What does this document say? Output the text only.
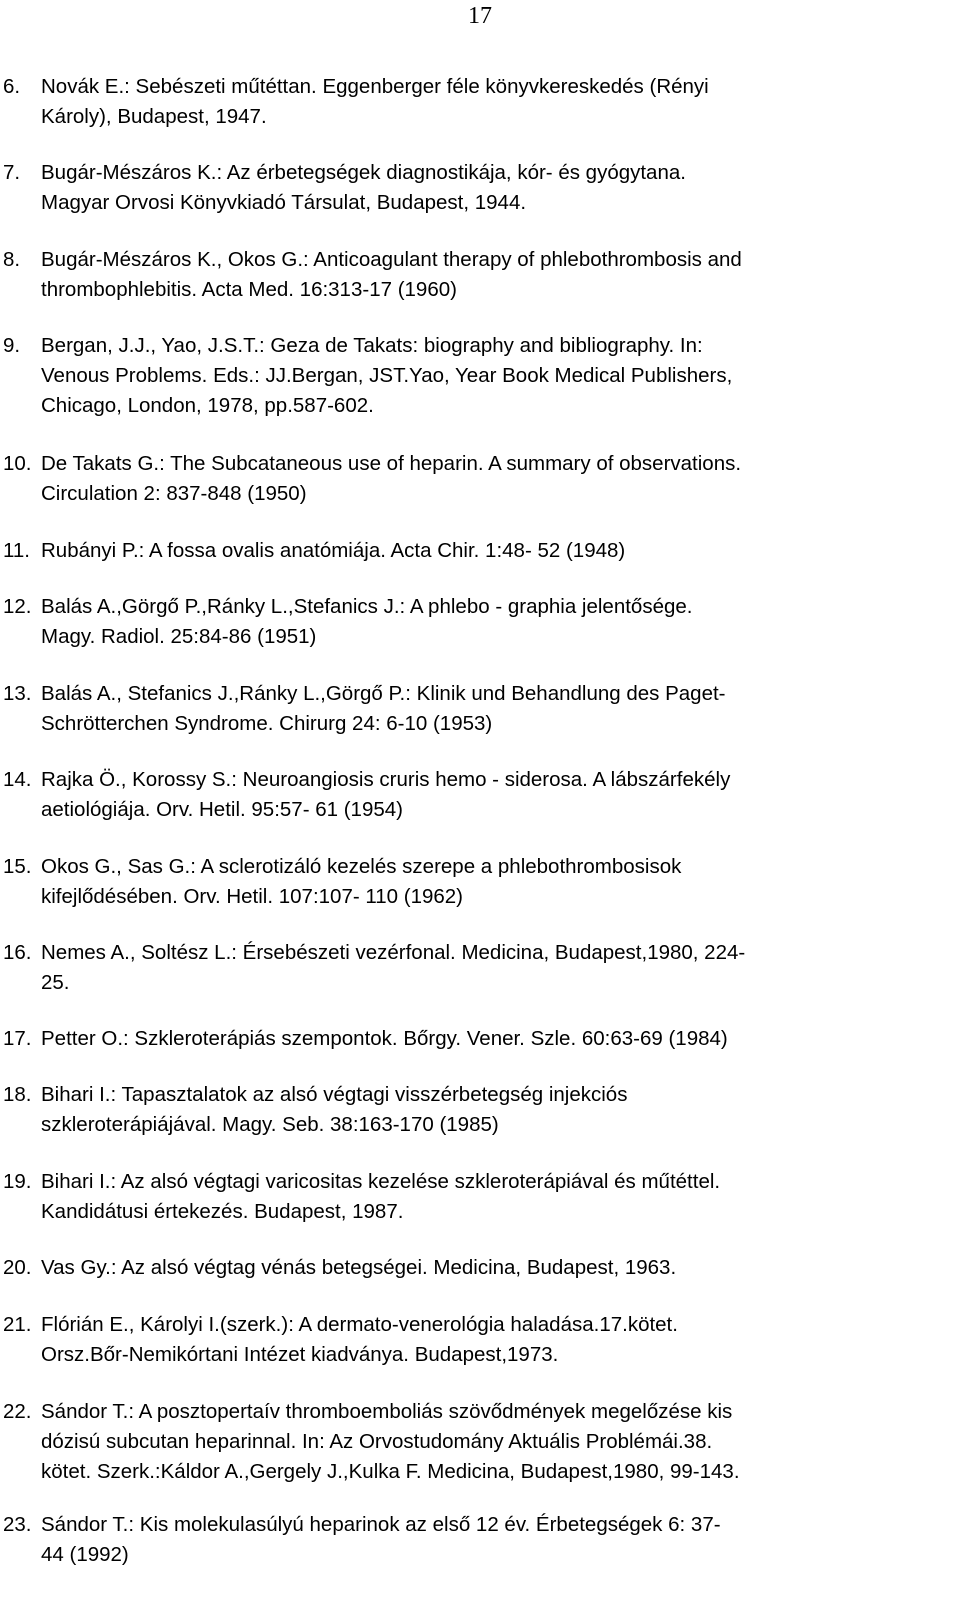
17
6. Novák E.: Sebészeti műtéttan. Eggenberger féle könyvkereskedés (Rényi
Károly), Budapest, 1947.
7. Bugár-Mészáros K.: Az érbetegségek diagnostikája, kór- és gyógytana.
Magyar Orvosi Könyvkiadó Társulat, Budapest, 1944.
8. Bugár-Mészáros K., Okos G.: Anticoagulant therapy of phlebothrombosis and
thrombophlebitis. Acta Med. 16:313-17 (1960)
9. Bergan, J.J., Yao, J.S.T.: Geza de Takats: biography and bibliography. In:
Venous Problems. Eds.: JJ.Bergan, JST.Yao, Year Book Medical Publishers,
Chicago, London, 1978, pp.587-602.
10. De Takats G.: The Subcataneous use of heparin. A summary of observations.
Circulation 2: 837-848 (1950)
11. Rubányi P.: A fossa ovalis anatómiája. Acta Chir. 1:48- 52 (1948)
12. Balás A.,Görgő P.,Ránky L.,Stefanics J.: A phlebo - graphia jelentősége.
Magy. Radiol. 25:84-86 (1951)
13. Balás A., Stefanics J.,Ránky L.,Görgő P.: Klinik und Behandlung des Paget-
Schrötterchen Syndrome. Chirurg 24: 6-10 (1953)
14. Rajka Ö., Korossy S.: Neuroangiosis cruris hemo - siderosa. A lábszárfekély
aetiológiája. Orv. Hetil. 95:57- 61 (1954)
15. Okos G., Sas G.: A sclerotizáló kezelés szerepe a phlebothrombosisok
kifejlődésében. Orv. Hetil. 107:107- 110 (1962)
16. Nemes A., Soltész L.: Érsebészeti vezérfonal. Medicina, Budapest,1980, 224-
25.
17. Petter O.: Szkleroterápiás szempontok. Bőrgy. Vener. Szle. 60:63-69 (1984)
18. Bihari I.: Tapasztalatok az alsó végtagi visszérbetegség injekciós
szkleroterápiájával. Magy. Seb. 38:163-170 (1985)
19. Bihari I.: Az alsó végtagi varicositas kezelése szkleroterápiával és műtéttel.
Kandidátusi értekezés. Budapest, 1987.
20. Vas Gy.: Az alsó végtag vénás betegségei. Medicina, Budapest, 1963.
21. Flórián E., Károlyi I.(szerk.): A dermato-venerológia haladása.17.kötet.
Orsz.Bőr-Nemikórtani Intézet kiadványa. Budapest,1973.
22. Sándor T.: A posztopertaív thromboemboliás szövődmények megelőzése kis
dózisú subcutan heparinnal. In: Az Orvostudomány Aktuális Problémái.38.
kötet. Szerk.:Káldor A.,Gergely J.,Kulka F. Medicina, Budapest,1980, 99-143.
23. Sándor T.: Kis molekulasúlyú heparinok az első 12 év. Érbetegségek 6: 37-
44 (1992)
